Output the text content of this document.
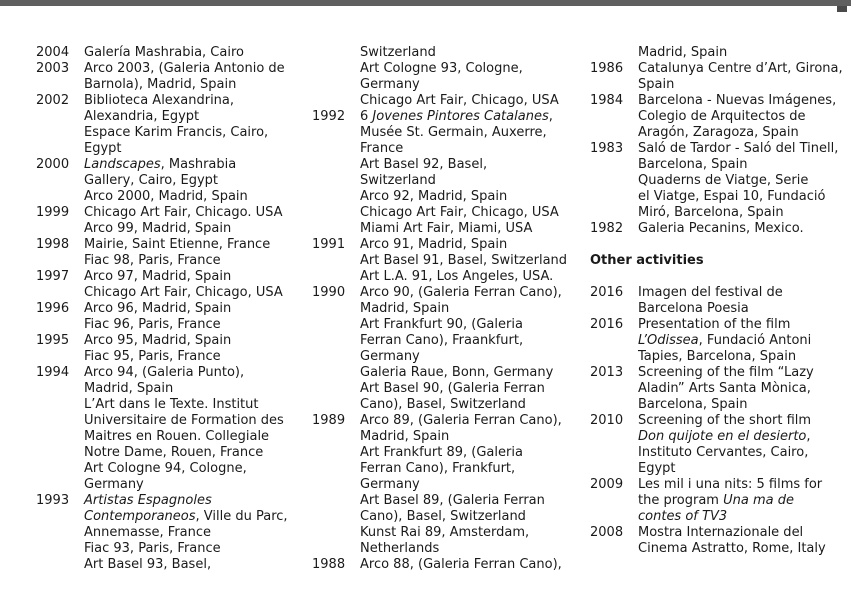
2004	Galería Mashrabia, Cairo
2003	Arco 2003, (Galeria Antonio de
Barnola), Madrid, Spain
2002	Biblioteca Alexandrina,
Alexandria, Egypt
Espace Karim Francis, Cairo,
Egypt
2000	Landscapes, Mashrabia
Gallery, Cairo, Egypt
Arco 2000, Madrid, Spain
1999	Chicago Art Fair, Chicago. USA
Arco 99, Madrid, Spain
1998	Mairie, Saint Etienne, France
Fiac 98, Paris, France
1997	Arco 97, Madrid, Spain
Chicago Art Fair, Chicago, USA
1996	Arco 96, Madrid, Spain
Fiac 96, Paris, France
1995	Arco 95, Madrid, Spain
Fiac 95, Paris, France
1994	Arco 94, (Galeria Punto),
Madrid, Spain
L’Art dans le Texte. Institut
Universitaire de Formation des
Maitres en Rouen. Collegiale
Notre Dame, Rouen, France
Art Cologne 94, Cologne,
Germany
1993	Artistas Espagnoles
Contemporaneos, Ville du Parc,
Annemasse, France
Fiac 93, Paris, France
Art Basel 93, Basel,
Switzerland
Art Cologne 93, Cologne,
Germany
Chicago Art Fair, Chicago, USA
1992	6 Jovenes Pintores Catalanes,
Musée St. Germain, Auxerre,
France
Art Basel 92, Basel,
Switzerland
Arco 92, Madrid, Spain
Chicago Art Fair, Chicago, USA
Miami Art Fair, Miami, USA
1991	Arco 91, Madrid, Spain
Art Basel 91, Basel, Switzerland
Art L.A. 91, Los Angeles, USA.
1990	Arco 90, (Galeria Ferran Cano),
Madrid, Spain
Art Frankfurt 90, (Galeria
Ferran Cano), Fraankfurt,
Germany
Galeria Raue, Bonn, Germany
Art Basel 90, (Galeria Ferran
Cano), Basel, Switzerland
1989	Arco 89, (Galeria Ferran Cano),
Madrid, Spain
Art Frankfurt 89, (Galeria
Ferran Cano), Frankfurt,
Germany
Art Basel 89, (Galeria Ferran
Cano), Basel, Switzerland
Kunst Rai 89, Amsterdam,
Netherlands
1988	Arco 88, (Galeria Ferran Cano),
Madrid, Spain
1986	Catalunya Centre d’Art, Girona,
Spain
1984	Barcelona - Nuevas Imágenes,
Colegio de Arquitectos de
Aragón, Zaragoza, Spain
1983	Saló de Tardor - Saló del Tinell,
Barcelona, Spain
Quaderns de Viatge, Serie
el Viatge, Espai 10, Fundació
Miró, Barcelona, Spain
1982	Galeria Pecanins, Mexico.
Other activities
2016	Imagen del festival de
Barcelona Poesia
2016	Presentation of the film
L’Odissea, Fundació Antoni
Tapies, Barcelona, Spain
2013	Screening of the film “Lazy
Aladin” Arts Santa Mònica,
Barcelona, Spain
2010	Screening of the short film
Don quijote en el desierto,
Instituto Cervantes, Cairo,
Egypt
2009	Les mil i una nits: 5 films for
the program Una ma de
contes of TV3
2008	Mostra Internazionale del
Cinema Astratto, Rome, Italy
